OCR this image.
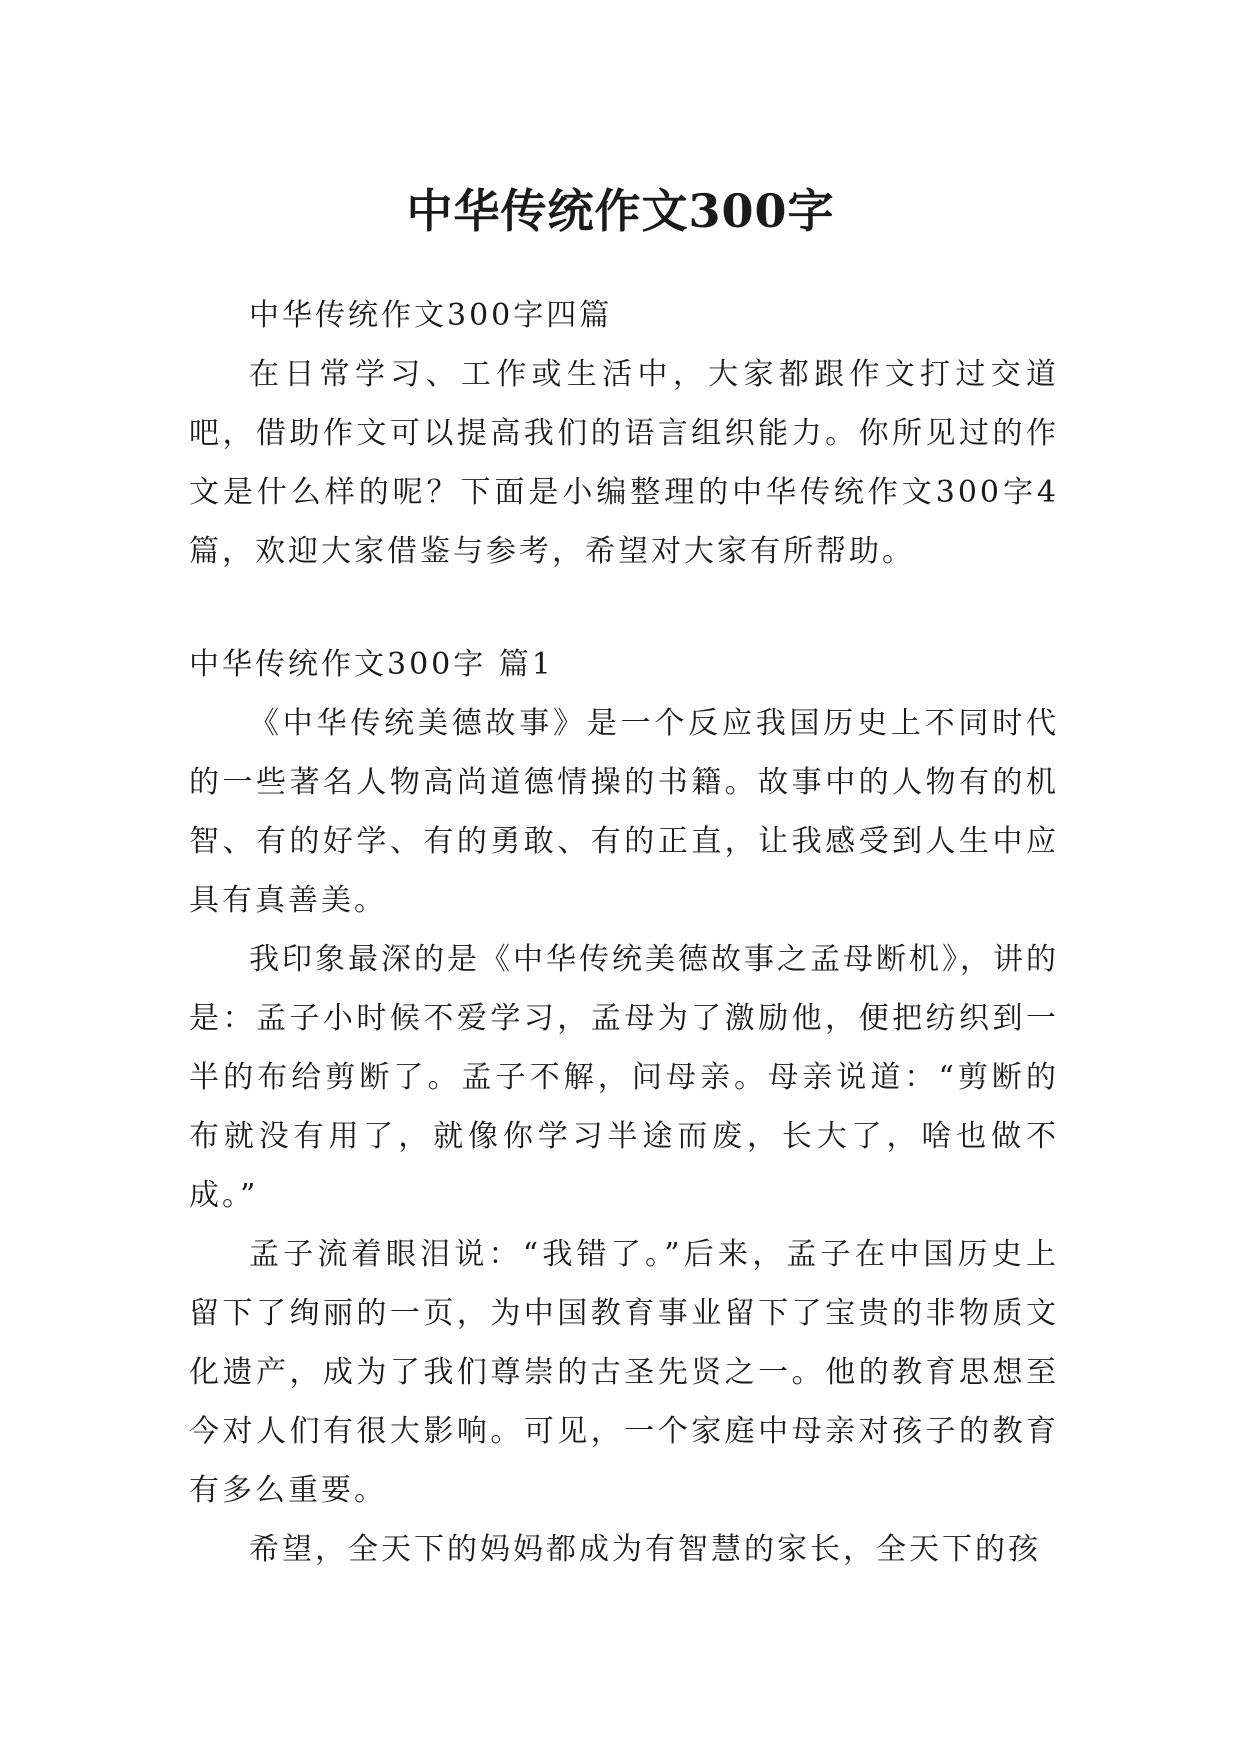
中华传统作文300字

中华传统作文300字四篇

在日常学习、工作或生活中，大家都跟作文打过交道吧，借助作文可以提高我们的语言组织能力。你所见过的作文是什么样的呢？下面是小编整理的中华传统作文300字4篇，欢迎大家借鉴与参考，希望对大家有所帮助。

中华传统作文300字 篇1

《中华传统美德故事》是一个反应我国历史上不同时代的一些著名人物高尚道德情操的书籍。故事中的人物有的机智、有的好学、有的勇敢、有的正直，让我感受到人生中应具有真善美。

我印象最深的是《中华传统美德故事之孟母断机》，讲的是：孟子小时候不爱学习，孟母为了激励他，便把纺织到一半的布给剪断了。孟子不解，问母亲。母亲说道：“剪断的布就没有用了，就像你学习半途而废，长大了，啥也做不成。”

孟子流着眼泪说：“我错了。”后来，孟子在中国历史上留下了绚丽的一页，为中国教育事业留下了宝贵的非物质文化遗产，成为了我们尊崇的古圣先贤之一。他的教育思想至今对人们有很大影响。可见，一个家庭中母亲对孩子的教育有多么重要。

希望，全天下的妈妈都成为有智慧的家长，全天下的孩
